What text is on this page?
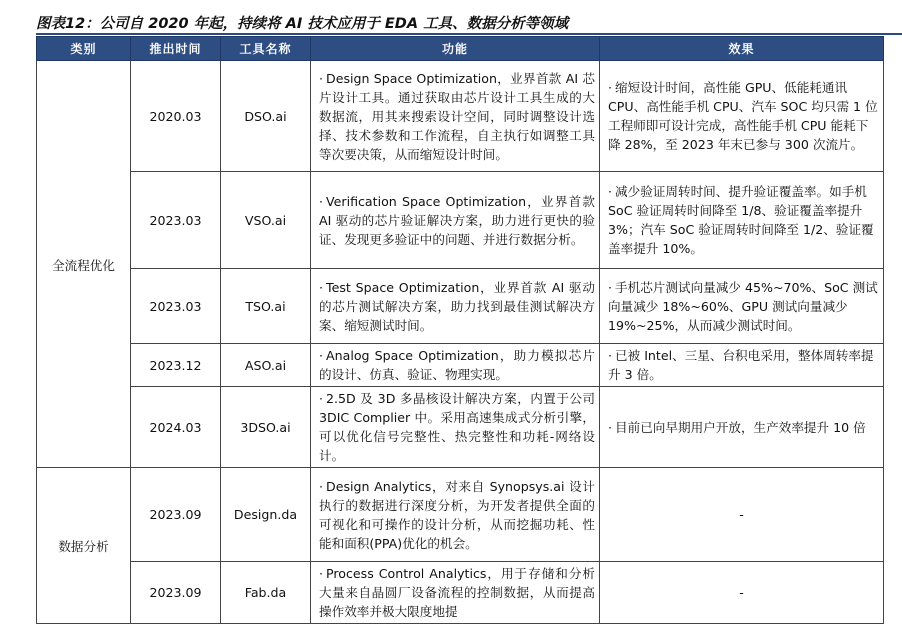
图表12：公司自 2020 年起，持续将 AI 技术应用于 EDA 工具、数据分析等领域
类别	推出时间	工具名称	功能	效果
全流程优化	2020.03	DSO.ai	· Design Space Optimization，业界首款 AI 芯片设计工具。通过获取由芯片设计工具生成的大数据流，用其来搜索设计空间，同时调整设计选择、技术参数和工作流程，自主执行如调整工具等次要决策，从而缩短设计时间。	· 缩短设计时间，高性能 GPU、低能耗通讯 CPU、高性能手机 CPU、汽车 SOC 均只需 1 位工程师即可设计完成，高性能手机 CPU 能耗下降 28%，至 2023 年末已参与 300 次流片。
	2023.03	VSO.ai	· Verification Space Optimization，业界首款 AI 驱动的芯片验证解决方案，助力进行更快的验证、发现更多验证中的问题、并进行数据分析。	· 减少验证周转时间、提升验证覆盖率。如手机 SoC 验证周转时间降至 1/8、验证覆盖率提升 3%；汽车 SoC 验证周转时间降至 1/2、验证覆盖率提升 10%。
	2023.03	TSO.ai	· Test Space Optimization，业界首款 AI 驱动的芯片测试解决方案，助力找到最佳测试解决方案、缩短测试时间。	· 手机芯片测试向量减少 45%~70%、SoC 测试向量减少 18%~60%、GPU 测试向量减少 19%~25%，从而减少测试时间。
	2023.12	ASO.ai	· Analog Space Optimization，助力模拟芯片的设计、仿真、验证、物理实现。	· 已被 Intel、三星、台积电采用，整体周转率提升 3 倍。
	2024.03	3DSO.ai	· 2.5D 及 3D 多晶核设计解决方案，内置于公司 3DIC Complier 中。采用高速集成式分析引擎，可以优化信号完整性、热完整性和功耗-网络设计。	· 目前已向早期用户开放，生产效率提升 10 倍
数据分析	2023.09	Design.da	· Design Analytics，对来自 Synopsys.ai 设计执行的数据进行深度分析，为开发者提供全面的可视化和可操作的设计分析，从而挖掘功耗、性能和面积(PPA)优化的机会。	-
	2023.09	Fab.da	· Process Control Analytics，用于存储和分析大量来自晶圆厂设备流程的控制数据，从而提高操作效率并极大限度地提	-
